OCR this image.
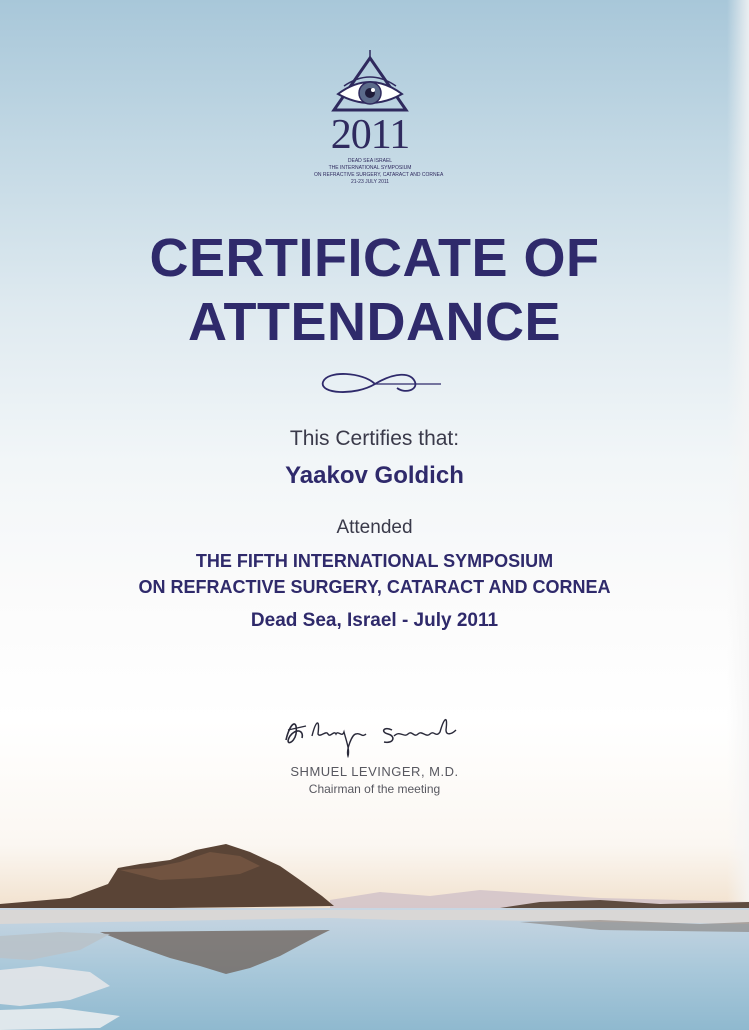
2011
DEAD SEA ISRAEL
THE INTERNATIONAL SYMPOSIUM
ON REFRACTIVE SURGERY, CATARACT AND CORNEA
21-23 JULY 2011
CERTIFICATE OF
ATTENDANCE
This Certifies that:
Yaakov Goldich
Attended
THE FIFTH INTERNATIONAL SYMPOSIUM
ON REFRACTIVE SURGERY, CATARACT AND CORNEA
Dead Sea, Israel - July 2011
SHMUEL LEVINGER, M.D.
Chairman of the meeting
